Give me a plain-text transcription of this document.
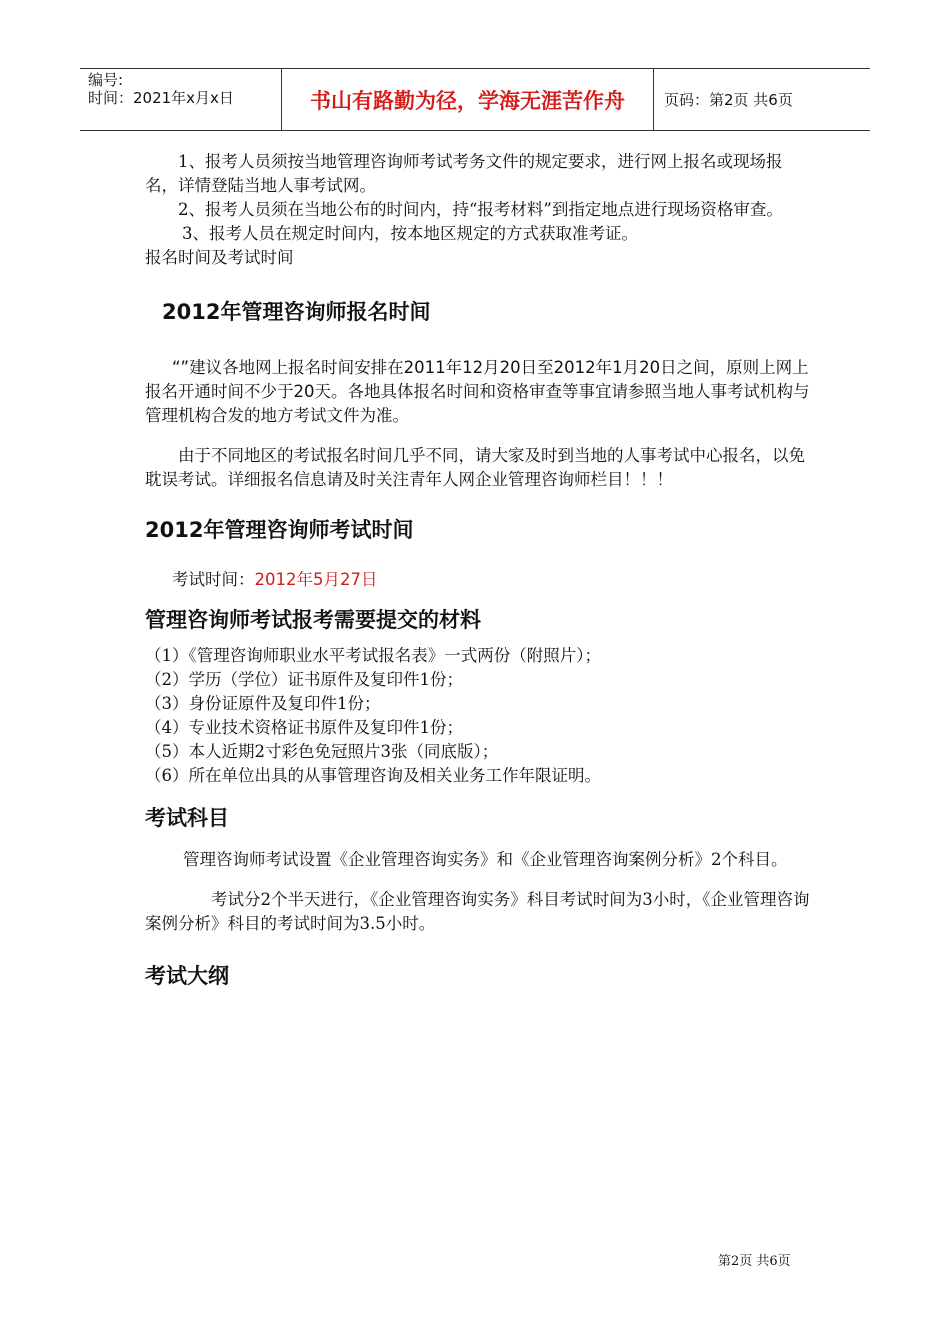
编号:
时间：2021年x月x日	书山有路勤为径，学海无涯苦作舟	页码：第2页 共6页

1、报考人员须按当地管理咨询师考试考务文件的规定要求，进行网上报名或现场报名，详情登陆当地人事考试网。

2、报考人员须在当地公布的时间内，持“报考材料”到指定地点进行现场资格审查。

3、报考人员在规定时间内，按本地区规定的方式获取准考证。

报名时间及考试时间

2012年管理咨询师报名时间

“”建议各地网上报名时间安排在2011年12月20日至2012年1月20日之间，原则上网上报名开通时间不少于20天。各地具体报名时间和资格审查等事宜请参照当地人事考试机构与管理机构合发的地方考试文件为准。

由于不同地区的考试报名时间几乎不同，请大家及时到当地的人事考试中心报名，以免耽误考试。详细报名信息请及时关注青年人网企业管理咨询师栏目！！！

2012年管理咨询师考试时间

考试时间：2012年5月27日

管理咨询师考试报考需要提交的材料

（1）《管理咨询师职业水平考试报名表》一式两份（附照片）；

（2）学历（学位）证书原件及复印件1份；

（3）身份证原件及复印件1份；

（4）专业技术资格证书原件及复印件1份；

（5）本人近期2寸彩色免冠照片3张（同底版）；

（6）所在单位出具的从事管理咨询及相关业务工作年限证明。

考试科目

管理咨询师考试设置《企业管理咨询实务》和《企业管理咨询案例分析》2个科目。

考试分2个半天进行，《企业管理咨询实务》科目考试时间为3小时，《企业管理咨询案例分析》科目的考试时间为3.5小时。

考试大纲
第2页 共6页
